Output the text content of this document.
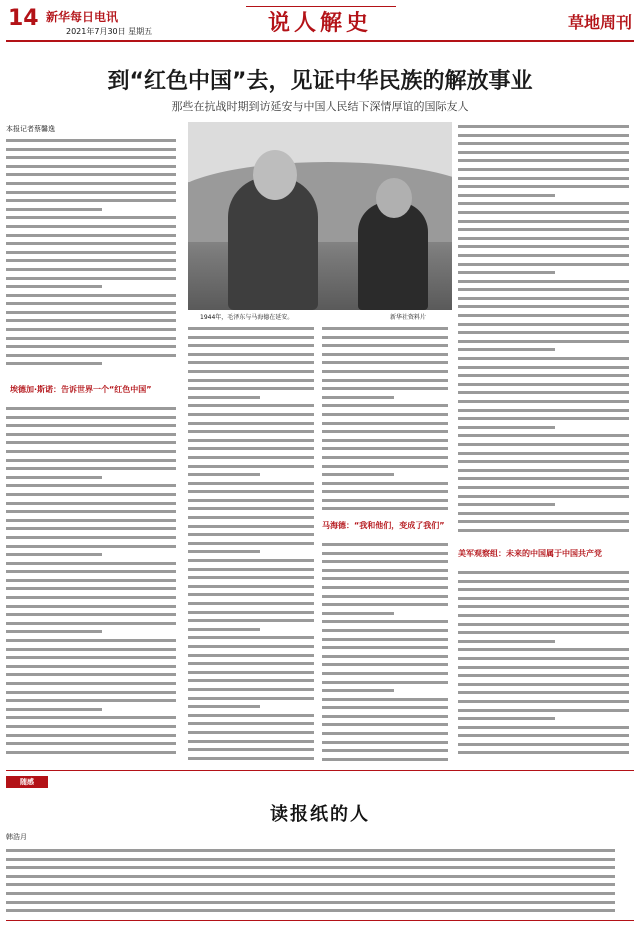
14 新华每日电讯
2021年7月30日 星期五	说人解史	草地周刊
到“红色中国”去，见证中华民族的解放事业
那些在抗战时期到访延安与中国人民结下深情厚谊的国际友人
本报记者蔡馨逸
埃德加·斯诺：告诉世界一个“红色中国”
1944年，毛泽东与马海德在延安。	新华社资料片
马海德：“我和他们，变成了我们”
美军观察组：未来的中国属于中国共产党
随感
读报纸的人
韩浩月
